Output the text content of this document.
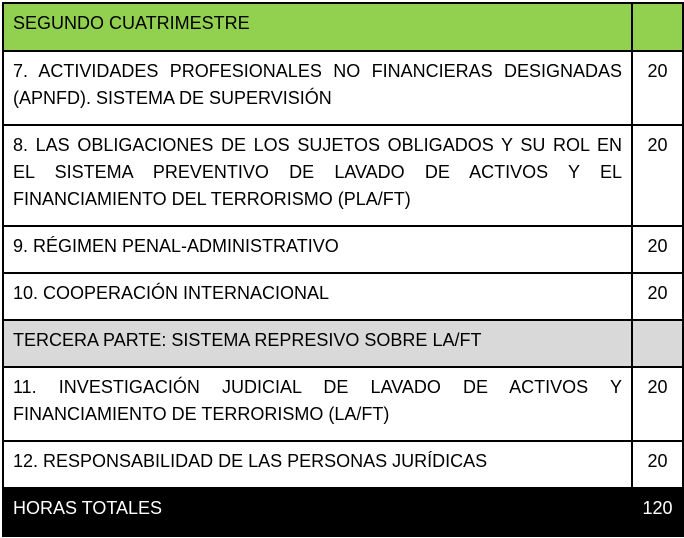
SEGUNDO CUATRIMESTRE	
7. ACTIVIDADES PROFESIONALES NO FINANCIERAS DESIGNADAS (APNFD). SISTEMA DE SUPERVISIÓN	20
8. LAS OBLIGACIONES DE LOS SUJETOS OBLIGADOS Y SU ROL EN EL SISTEMA PREVENTIVO DE LAVADO DE ACTIVOS Y EL FINANCIAMIENTO DEL TERRORISMO (PLA/FT)	20
9. RÉGIMEN PENAL-ADMINISTRATIVO	20
10. COOPERACIÓN INTERNACIONAL	20
TERCERA PARTE: SISTEMA REPRESIVO SOBRE LA/FT	
11. INVESTIGACIÓN JUDICIAL DE LAVADO DE ACTIVOS Y FINANCIAMIENTO DE TERRORISMO (LA/FT)	20
12. RESPONSABILIDAD DE LAS PERSONAS JURÍDICAS	20
HORAS TOTALES	120
